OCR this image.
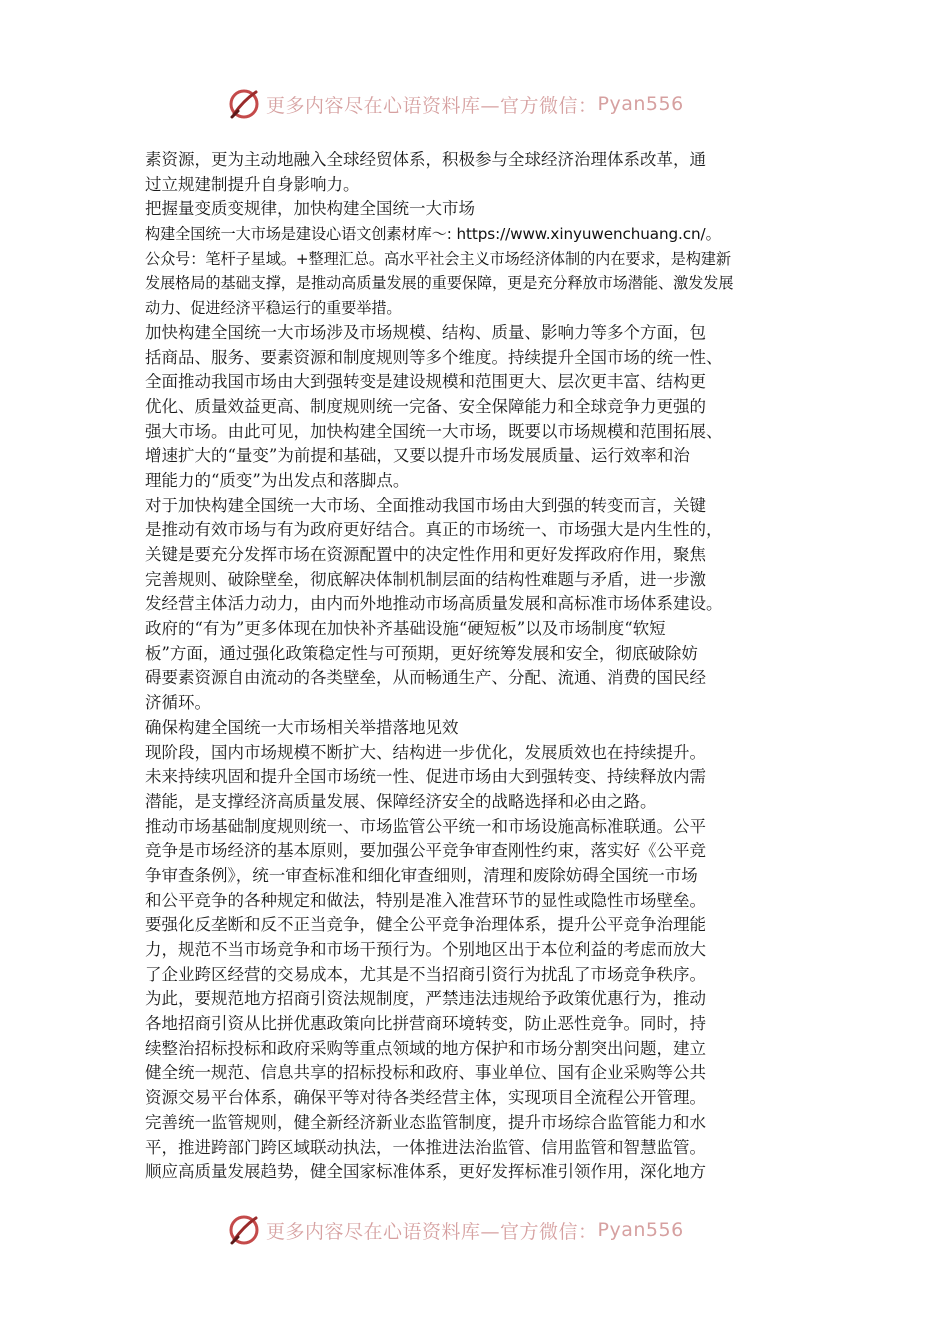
更多内容尽在心语资料库—官方微信： Pyan556
素资源，更为主动地融入全球经贸体系，积极参与全球经济治理体系改革，通
过立规建制提升自身影响力。
把握量变质变规律，加快构建全国统一大市场
构建全国统一大市场是建设心语文创素材库～: https://www.xinyuwenchuang.cn/。
公众号：笔杆子星域。+整理汇总。高水平社会主义市场经济体制的内在要求，是构建新
发展格局的基础支撑，是推动高质量发展的重要保障，更是充分释放市场潜能、激发发展
动力、促进经济平稳运行的重要举措。
加快构建全国统一大市场涉及市场规模、结构、质量、影响力等多个方面，包
括商品、服务、要素资源和制度规则等多个维度。持续提升全国市场的统一性、
全面推动我国市场由大到强转变是建设规模和范围更大、层次更丰富、结构更
优化、质量效益更高、制度规则统一完备、安全保障能力和全球竞争力更强的
强大市场。由此可见，加快构建全国统一大市场，既要以市场规模和范围拓展、
增速扩大的“量变”为前提和基础，又要以提升市场发展质量、运行效率和治
理能力的“质变”为出发点和落脚点。
对于加快构建全国统一大市场、全面推动我国市场由大到强的转变而言，关键
是推动有效市场与有为政府更好结合。真正的市场统一、市场强大是内生性的，
关键是要充分发挥市场在资源配置中的决定性作用和更好发挥政府作用，聚焦
完善规则、破除壁垒，彻底解决体制机制层面的结构性难题与矛盾，进一步激
发经营主体活力动力，由内而外地推动市场高质量发展和高标准市场体系建设。
政府的“有为”更多体现在加快补齐基础设施“硬短板”以及市场制度“软短
板”方面，通过强化政策稳定性与可预期，更好统筹发展和安全，彻底破除妨
碍要素资源自由流动的各类壁垒，从而畅通生产、分配、流通、消费的国民经
济循环。
确保构建全国统一大市场相关举措落地见效
现阶段，国内市场规模不断扩大、结构进一步优化，发展质效也在持续提升。
未来持续巩固和提升全国市场统一性、促进市场由大到强转变、持续释放内需
潜能，是支撑经济高质量发展、保障经济安全的战略选择和必由之路。
推动市场基础制度规则统一、市场监管公平统一和市场设施高标准联通。公平
竞争是市场经济的基本原则，要加强公平竞争审查刚性约束，落实好《公平竞
争审查条例》，统一审查标准和细化审查细则，清理和废除妨碍全国统一市场
和公平竞争的各种规定和做法，特别是准入准营环节的显性或隐性市场壁垒。
要强化反垄断和反不正当竞争，健全公平竞争治理体系，提升公平竞争治理能
力，规范不当市场竞争和市场干预行为。个别地区出于本位利益的考虑而放大
了企业跨区经营的交易成本，尤其是不当招商引资行为扰乱了市场竞争秩序。
为此，要规范地方招商引资法规制度，严禁违法违规给予政策优惠行为，推动
各地招商引资从比拼优惠政策向比拼营商环境转变，防止恶性竞争。同时，持
续整治招标投标和政府采购等重点领域的地方保护和市场分割突出问题，建立
健全统一规范、信息共享的招标投标和政府、事业单位、国有企业采购等公共
资源交易平台体系，确保平等对待各类经营主体，实现项目全流程公开管理。
完善统一监管规则，健全新经济新业态监管制度，提升市场综合监管能力和水
平，推进跨部门跨区域联动执法，一体推进法治监管、信用监管和智慧监管。
顺应高质量发展趋势，健全国家标准体系，更好发挥标准引领作用，深化地方
更多内容尽在心语资料库—官方微信： Pyan556
